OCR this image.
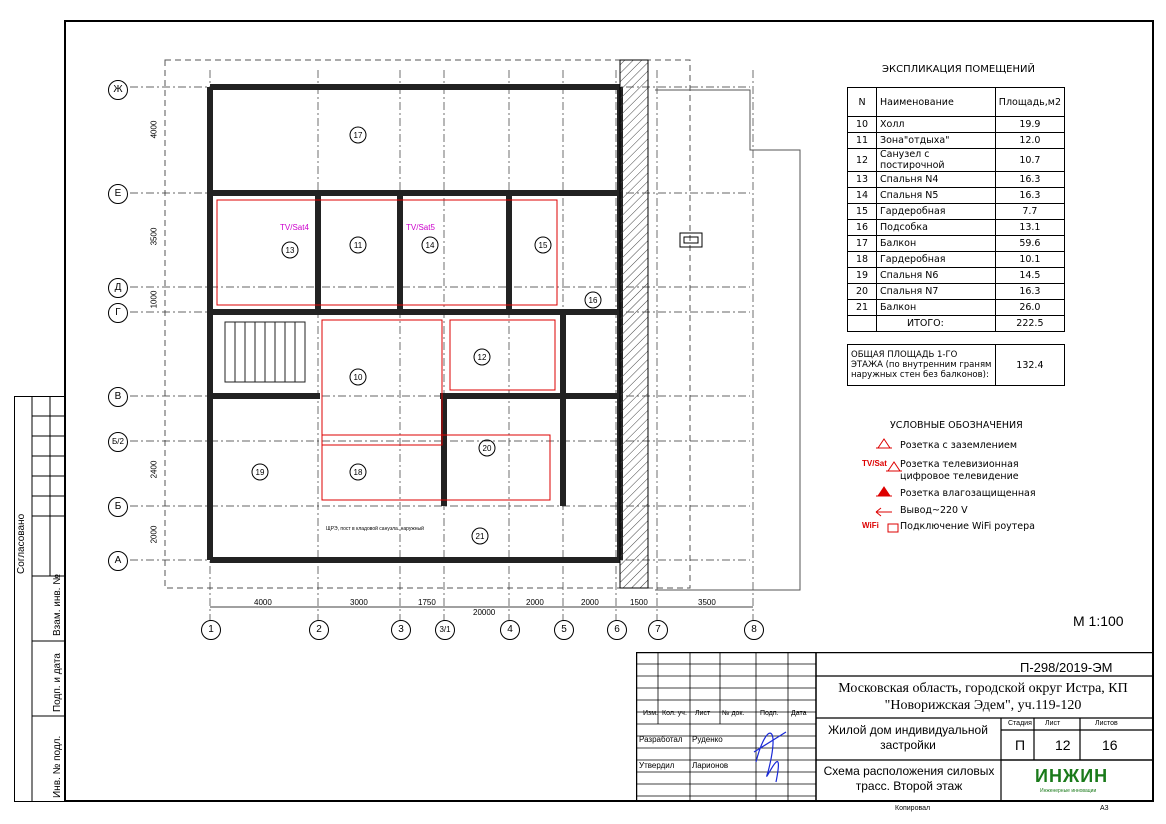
Согласовано
Взам. инв. №
Подп. и дата
Инв. № подл.
17
13
11	14	15
16
10
12
19	18
20
21
TV/Sat4	TV/Sat5
ЩРЭ, пост в кладовой санузла. наружный
Ж
Е
Д
Г
В
Б/2
Б
А
1	2	3	3/1	4	5	6	7	8
4000
3500
1000
2400
2000
4000	3000	1750	2000	2000	1500	3500
20000
ЭКСПЛИКАЦИЯ ПОМЕЩЕНИЙ
N	Наименование	Площадь,м2
10	Холл	19.9
11	Зона"отдыха"	12.0
12	Санузел с постирочной	10.7
13	Спальня N4	16.3
14	Спальня N5	16.3
15	Гардеробная	7.7
16	Подсобка	13.1
17	Балкон	59.6
18	Гардеробная	10.1
19	Спальня N6	14.5
20	Спальня N7	16.3
21	Балкон	26.0
	ИТОГО:	222.5

ОБЩАЯ ПЛОЩАДЬ 1-ГО ЭТАЖА (по внутренним граням наружных стен без балконов):		132.4
УСЛОВНЫЕ ОБОЗНАЧЕНИЯ
TV/Sat
WiFi
Розетка с заземлением
Розетка телевизионная цифровое телевидение
Розетка влагозащищенная
Вывод~220 V
Подключение WiFi роутера
М 1:100
Изм. Кол. уч. Лист № док. Подп. Дата
Разработал Руденко
Утвердил Ларионов
П-298/2019-ЭМ
Московская область, городской округ Истра, КП "Новорижская Эдем", уч.119-120
Жилой дом индивидуальной застройки
Схема расположения силовых трасс. Второй этаж
Стадия Лист	Листов
П 12 16
ИНЖИН
Инженерные инновации
Копировал	А3
